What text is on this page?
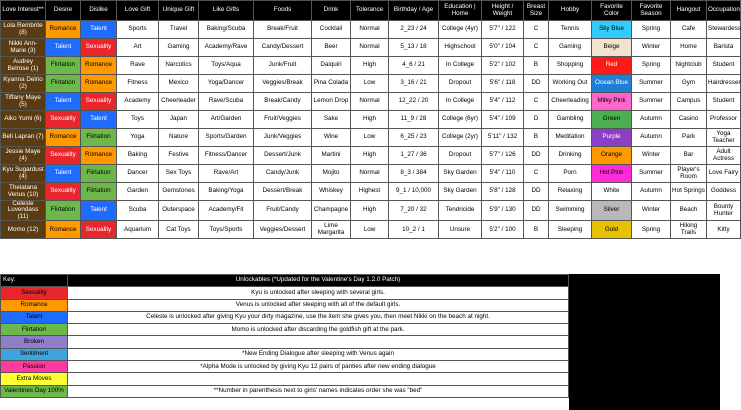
Love Interest**	Desire	Dislike	Love Gift	Unique Gift	Like Gifts	Foods	Drink	Tolerance	Birthday / Age	Education | Home	Height / Weight	Breast Size	Hobby	Favorite Color	Favorite Season	Hangout	Occupation
Lola Rembrite (8)	Romance	Talent	Sports	Travel	Baking/Scuba	Break/Fruit	Cocktail	Normal	2_23 / 24	College (4yr)	5'7" / 122	C	Tennis	Sky Blue	Spring	Cafe	Stewardess
Nikki Ann-Marie (3)	Talent	Sexuality	Art	Gaming	Academy/Rave	Candy/Dessert	Beer	Normal	5_13 / 18	Highschool	5'0" / 104	C	Gaming	Beige	Winter	Home	Barista
Audrey Belrose (1)	Flirtation	Romance	Rave	Narcotics	Toys/Aqua	Junk/Fruit	Daiquiri	High	4_6 / 21	In College	5'2" / 102	B	Shopping	Red	Spring	Nightclub	Student
Kyanna Delrio (2)	Flirtation	Romance	Fitness	Mexico	Yoga/Dancer	Veggies/Break	Pina Colada	Low	3_16 / 21	Dropout	5'6" / 118	DD	Working Out	Ocean Blue	Summer	Gym	Hairdresser
Tiffany Maye (5)	Talent	Sexuality	Academy	Cheerleader	Rave/Scuba	Break/Candy	Lemon Drop	Normal	12_22 / 20	In College	5'4" / 112	C	Cheerleading	Milky Pink	Summer	Campus	Student
Aiko Yumi (6)	Sexuality	Talent	Toys	Japan	Art/Garden	Fruit/Veggies	Sake	High	11_9 / 28	College (6yr)	5'4" / 109	D	Gambling	Green	Autumn	Casino	Professor
Beli Lapran (7)	Romance	Flirtation	Yoga	Nature	Sports/Garden	Junk/Veggies	Wine	Low	6_25 / 23	College (2yr)	5'11" / 132	B	Meditation	Purple	Autumn	Park	Yoga Teacher
Jessie Maye (4)	Sexuality	Romance	Baking	Festive	Fitness/Dancer	Dessert/Junk	Martini	High	1_27 / 36	Dropout	5'7" / 126	DD	Drinking	Orange	Winter	Bar	Adult Actress
Kyu Sugardust (4)	Talent	Flirtation	Dancer	Sex Toys	Rave/Art	Candy/Junk	Mojito	Normal	8_3 / 384	Sky Garden	5'4" / 110	C	Porn	Hot Pink	Summer	Player's Room	Love Fairy
Theiatana Venus (10)	Sexuality	Flirtation	Garden	Gemstones	Baking/Yoga	Dessert/Break	Whiskey	Highest	9_1 / 10,000	Sky Garden	5'8" / 128	DD	Relaxing	White	Autumn	Hot Springs	Goddess
Celeste Luvendass (11)	Flirtation	Talent	Scuba	Outerspace	Academy/Fit	Fruit/Candy	Champagne	High	7_20 / 32	Tendricide	5'9" / 130	DD	Swimming	Silver	Winter	Beach	Bounty Hunter
Momo (12)	Romance	Sexuality	Aquarium	Cat Toys	Toys/Sports	Veggies/Dessert	Lime Margarita	Low	10_2 / 1	Unsure	5'2" / 100	B	Sleeping	Gold	Spring	Hiking Trails	Kitty
Key:	Unlockables (*Updated for the Valentine's Day 1.2.0 Patch)
Sexuality	Kyu is unlocked after sleeping with several girls.
Romance	Venus is unlocked after sleeping with all of the default girls.
Talent	Celeste is unlocked after giving Kyu your dirty magazine, use the item she gives you, then meet Nikki on the beach at night.
Flirtation	Momo is unlocked after discarding the goldfish gift at the park.
Broken	
Sentiment	*New Ending Dialogue after sleeping with Venus again
Passion	*Alpha Mode is unlocked by giving Kyu 12 pairs of panties after new ending dialogue
Extra Moves	
Valentines Day 100%	**Number in parenthesis next to girls' names indicates order she was "bed"
